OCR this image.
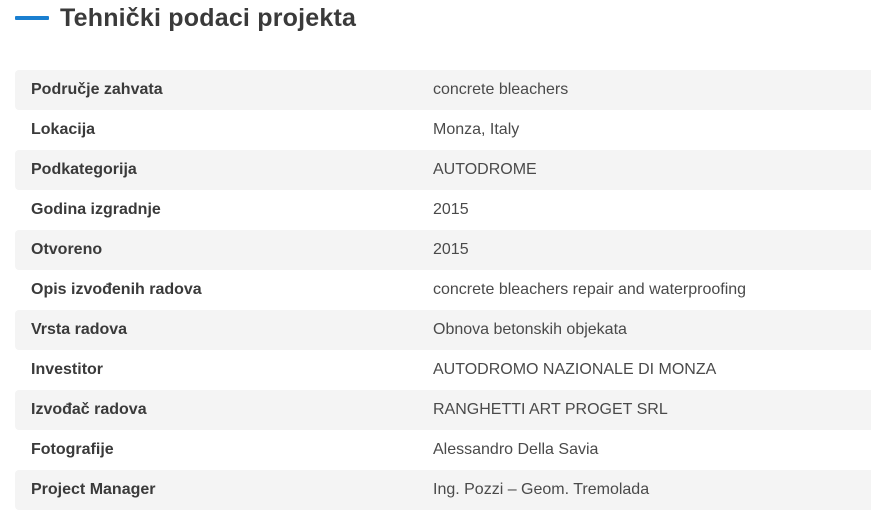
Tehnički podaci projekta
Područje zahvata	concrete bleachers
Lokacija	Monza, Italy
Podkategorija	AUTODROME
Godina izgradnje	2015
Otvoreno	2015
Opis izvođenih radova	concrete bleachers repair and waterproofing
Vrsta radova	Obnova betonskih objekata
Investitor	AUTODROMO NAZIONALE DI MONZA
Izvođač radova	RANGHETTI ART PROGET SRL
Fotografije	Alessandro Della Savia
Project Manager	Ing. Pozzi – Geom. Tremolada
